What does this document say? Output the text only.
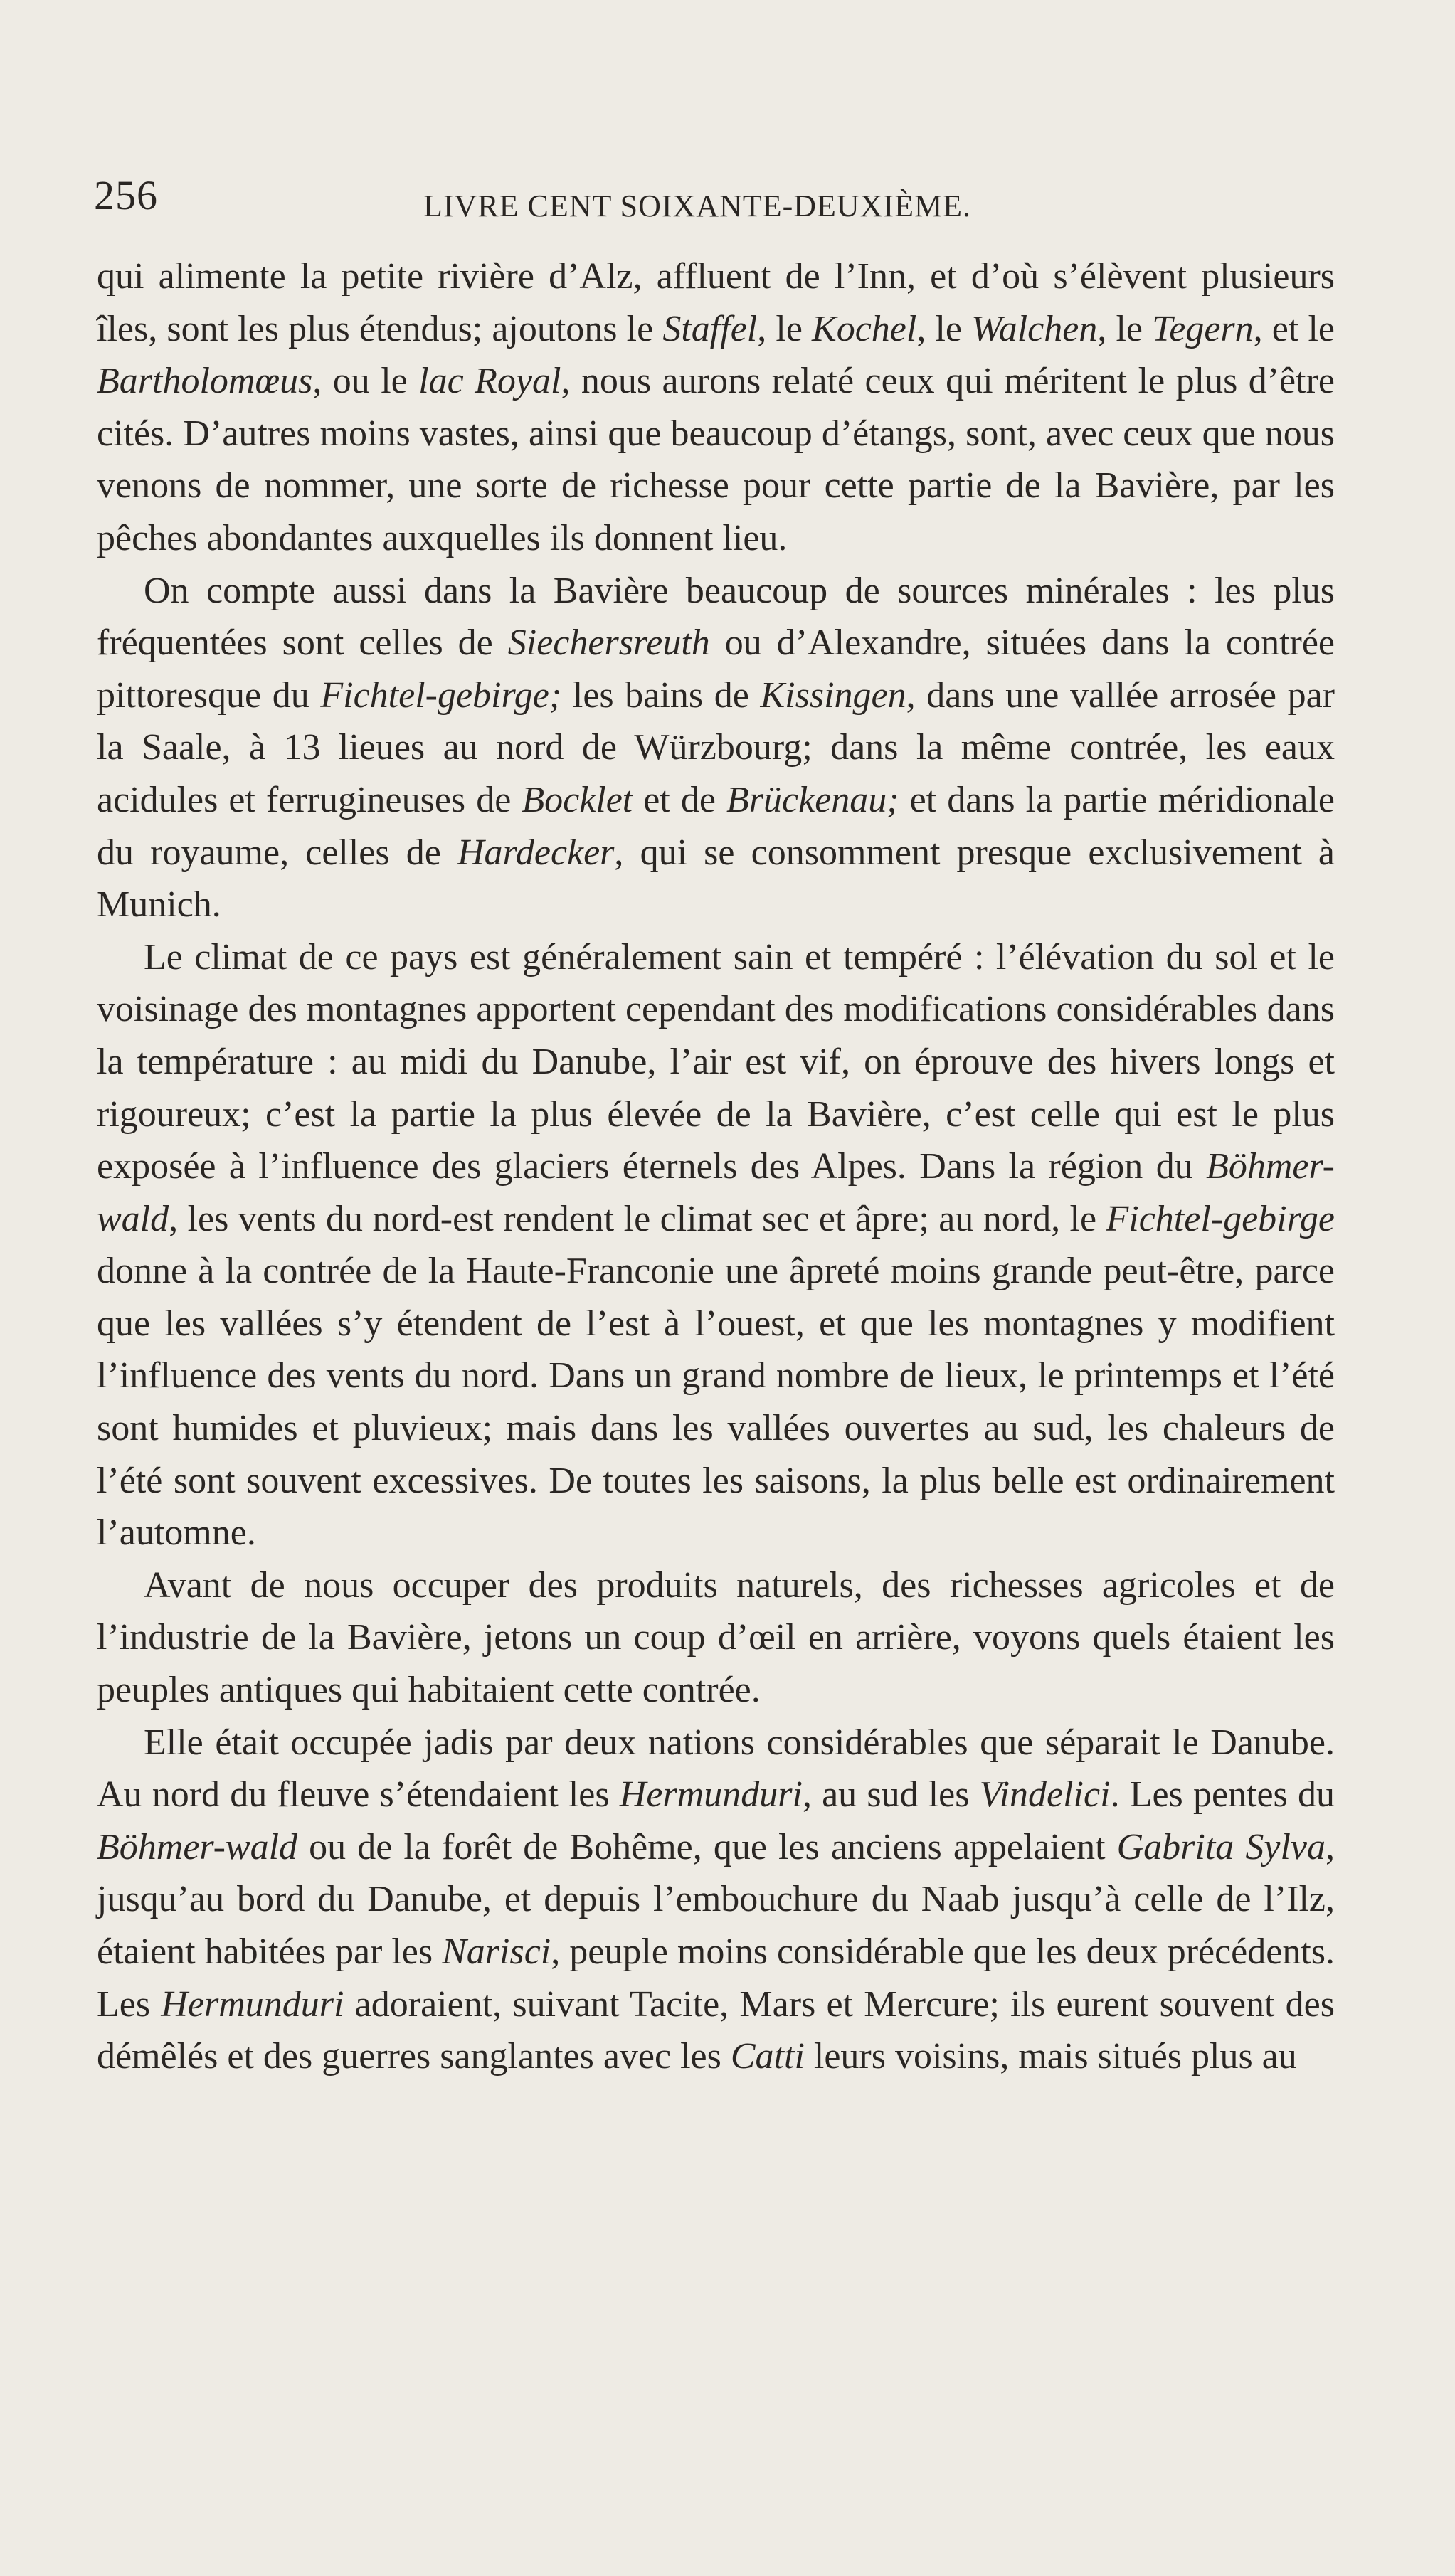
256	LIVRE CENT SOIXANTE-DEUXIÈME.

qui alimente la petite rivière d’Alz, affluent de l’Inn, et d’où s’élèvent plusieurs îles, sont les plus étendus; ajoutons le Staffel, le Kochel, le Walchen, le Tegern, et le Bartholomœus, ou le lac Royal, nous aurons relaté ceux qui méritent le plus d’être cités. D’autres moins vastes, ainsi que beaucoup d’étangs, sont, avec ceux que nous venons de nommer, une sorte de richesse pour cette partie de la Bavière, par les pêches abondantes auxquelles ils donnent lieu.

On compte aussi dans la Bavière beaucoup de sources minérales : les plus fréquentées sont celles de Siechersreuth ou d’Alexandre, situées dans la contrée pittoresque du Fichtel-gebirge; les bains de Kissingen, dans une vallée arrosée par la Saale, à 13 lieues au nord de Würzbourg; dans la même contrée, les eaux acidules et ferrugineuses de Bocklet et de Brückenau; et dans la partie méridionale du royaume, celles de Hardecker, qui se consomment presque exclusivement à Munich.

Le climat de ce pays est généralement sain et tempéré : l’élévation du sol et le voisinage des montagnes apportent cependant des modifications considérables dans la température : au midi du Danube, l’air est vif, on éprouve des hivers longs et rigoureux; c’est la partie la plus élevée de la Bavière, c’est celle qui est le plus exposée à l’influence des glaciers éternels des Alpes. Dans la région du Böhmer-wald, les vents du nord-est rendent le climat sec et âpre; au nord, le Fichtel-gebirge donne à la contrée de la Haute-Franconie une âpreté moins grande peut-être, parce que les vallées s’y étendent de l’est à l’ouest, et que les montagnes y modifient l’influence des vents du nord. Dans un grand nombre de lieux, le printemps et l’été sont humides et pluvieux; mais dans les vallées ouvertes au sud, les chaleurs de l’été sont souvent excessives. De toutes les saisons, la plus belle est ordinairement l’automne.

Avant de nous occuper des produits naturels, des richesses agricoles et de l’industrie de la Bavière, jetons un coup d’œil en arrière, voyons quels étaient les peuples antiques qui habitaient cette contrée.

Elle était occupée jadis par deux nations considérables que séparait le Danube. Au nord du fleuve s’étendaient les Hermunduri, au sud les Vindelici. Les pentes du Böhmer-wald ou de la forêt de Bohême, que les anciens appelaient Gabrita Sylva, jusqu’au bord du Danube, et depuis l’embouchure du Naab jusqu’à celle de l’Ilz, étaient habitées par les Narisci, peuple moins considérable que les deux précédents. Les Hermunduri adoraient, suivant Tacite, Mars et Mercure; ils eurent souvent des démêlés et des guerres sanglantes avec les Catti leurs voisins, mais situés plus au
